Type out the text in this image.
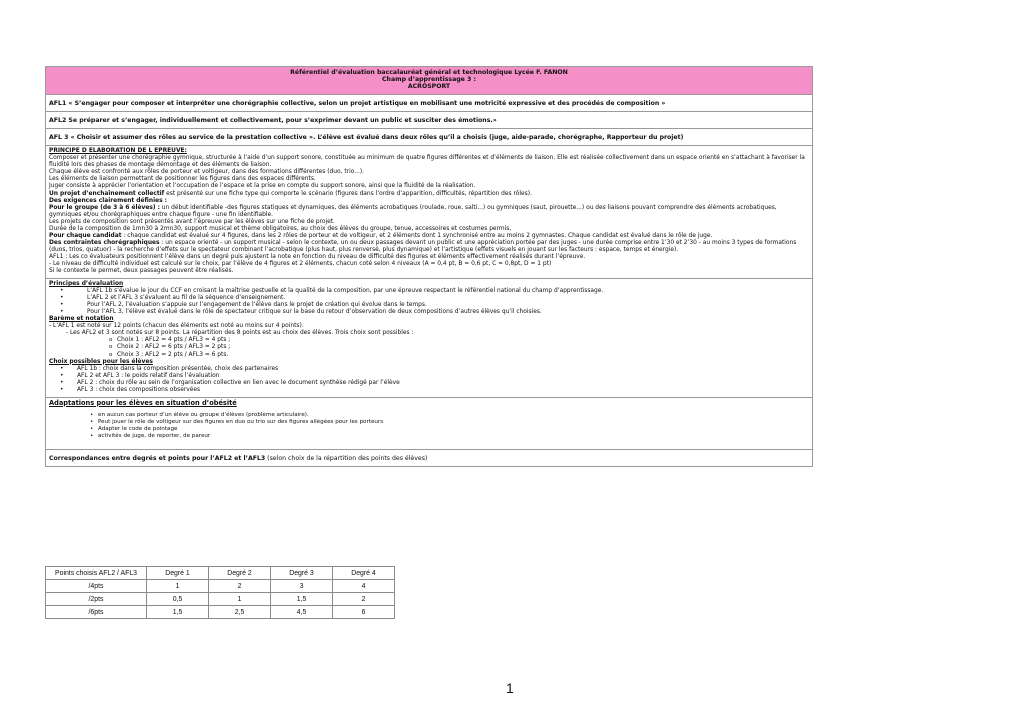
Référentiel d’évaluation baccalauréat général et technologique Lycée F. FANON
Champ d’apprentissage 3 :
ACROSPORT
AFL1 « S’engager pour composer et interpréter une chorégraphie collective, selon un projet artistique en mobilisant une motricité expressive et des procédés de composition »
AFL2 Se préparer et s’engager, individuellement et collectivement, pour s’exprimer devant un public et susciter des émotions.»
AFL 3 « Choisir et assumer des rôles au service de la prestation collective ». L’élève est évalué dans deux rôles qu’il a choisis (juge, aide-parade, chorégraphe, Rapporteur du projet)

PRINCIPE D ELABORATION DE L EPREUVE:

Composer et présenter une chorégraphie gymnique, structurée à l’aide d’un support sonore, constituée au minimum de quatre figures différentes et d’éléments de liaison. Elle est réalisée collectivement dans un espace orienté en s’attachant à favoriser la fluidité lors des phases de montage démontage et des éléments de liaison.

Chaque élève est confronté aux rôles de porteur et voltigeur, dans des formations différentes (duo, trio...).

Les éléments de liaison permettant de positionner les figures dans des espaces différents.

Juger consiste à apprécier l’orientation et l’occupation de l’espace et la prise en compte du support sonore, ainsi que la fluidité de la réalisation.

Un projet d’enchaînement collectif est présenté sur une fiche type qui comporte le scénario (figures dans l’ordre d’apparition, difficultés, répartition des rôles).

Des exigences clairement définies :

Pour le groupe (de 3 à 6 élèves) : un début identifiable -des figures statiques et dynamiques, des éléments acrobatiques (roulade, roue, salti...) ou gymniques (saut, pirouette...) ou des liaisons pouvant comprendre des éléments acrobatiques, gymniques et/ou chorégraphiques entre chaque figure - une fin identifiable.

Les projets de composition sont présentés avant l’épreuve par les élèves sur une fiche de projet.

Durée de la composition de 1mn30 à 2mn30, support musical et thème obligatoires, au choix des élèves du groupe, tenue, accessoires et costumes permis,

Pour chaque candidat : chaque candidat est évalué sur 4 figures, dans les 2 rôles de porteur et de voltigeur, et 2 éléments dont 1 synchronisé entre au moins 2 gymnastes. Chaque candidat est évalué dans le rôle de juge.

Des contraintes chorégraphiques : un espace orienté - un support musical - selon le contexte, un ou deux passages devant un public et une appréciation portée par des juges - une durée comprise entre 1’30 et 2’30 - au moins 3 types de formations (duos, trios, quatuor) - la recherche d’effets sur le spectateur combinant l’acrobatique (plus haut, plus renversé, plus dynamique) et l’artistique (effets visuels en jouant sur les facteurs : espace, temps et énergie).

AFL1 : Les co évaluateurs positionnent l’élève dans un degré puis ajustent la note en fonction du niveau de difficulté des figures et éléments effectivement réalisés durant l’épreuve.

- Le niveau de difficulté individuel est calculé sur le choix, par l’élève de 4 figures et 2 éléments, chacun coté selon 4 niveaux (A = 0,4 pt, B = 0,6 pt, C = 0,8pt, D = 1 pt)

Si le contexte le permet, deux passages peuvent être réalisés.

Principes d’évaluation

• L’AFL 1b s’évalue le jour du CCF en croisant la maîtrise gestuelle et la qualité de la composition, par une épreuve respectant le référentiel national du champ d’apprentissage.
• L’AFL 2 et l’AFL 3 s’évaluent au fil de la séquence d’enseignement.
• Pour l’AFL 2, l’évaluation s’appuie sur l’engagement de l’élève dans le projet de création qui évolue dans le temps.
• Pour l’AFL 3, l’élève est évalué dans le rôle de spectateur critique sur la base du retour d’observation de deux compositions d’autres élèves qu’il choisies.

Barème et notation

- L’AFL 1 est noté sur 12 points (chacun des éléments est noté au moins sur 4 points).

- Les AFL2 et 3 sont notés sur 8 points. La répartition des 8 points est au choix des élèves. Trois choix sont possibles :

o Choix 1 : AFL2 = 4 pts / AFL3 = 4 pts ;

o Choix 2 : AFL2 = 6 pts / AFL3 = 2 pts ;

o Choix 3 : AFL2 = 2 pts / AFL3 = 6 pts.

Choix possibles pour les élèves

• AFL 1b : choix dans la composition présentée, choix des partenaires
• AFL 2 et AFL 3 : le poids relatif dans l’évaluation
• AFL 2 : choix du rôle au sein de l’organisation collective en lien avec le document synthèse rédigé par l’élève
• AFL 3 : choix des compositions observées
Adaptations pour les élèves en situation d’obésité
• en aucun cas porteur d’un élève ou groupe d’élèves (problème articulaire).
• Peut jouer le rôle de voltigeur sur des figures en duo ou trio sur des figures allégées pour les porteurs
• Adapter le code de pointage
• activités de juge, de reporter, de pareur
Correspondances entre degrés et points pour l’AFL2 et l’AFL3 (selon choix de la répartition des points des élèves)
Points choisis AFL2 / AFL3	Degré 1	Degré 2	Degré 3	Degré 4
/4pts	1	2	3	4
/2pts	0,5	1	1,5	2
/6pts	1,5	2,5	4,5	6
1
